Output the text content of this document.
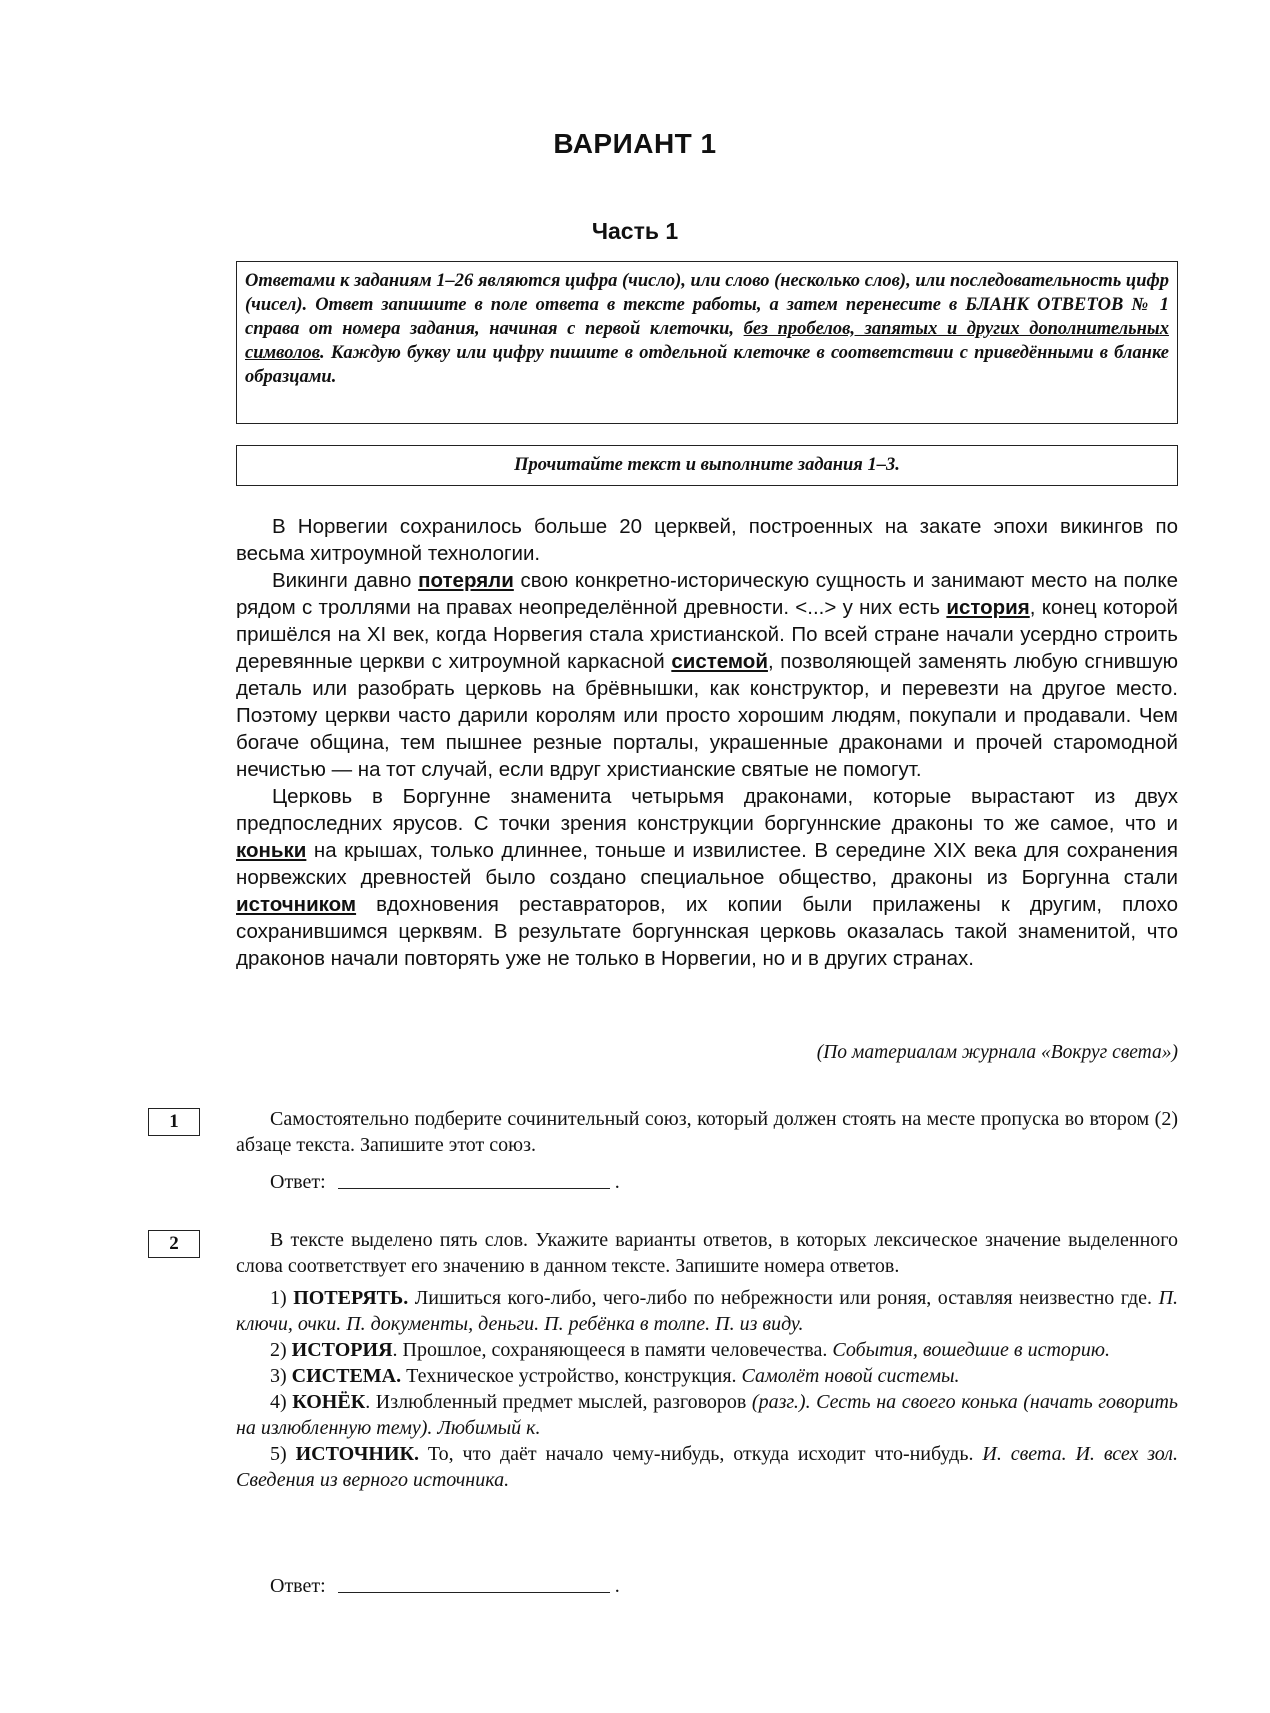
ВАРИАНТ 1
Часть 1

Ответами к заданиям 1–26 являются цифра (число), или слово (несколько слов), или последовательность цифр (чисел). Ответ запишите в поле ответа в тексте работы, а затем перенесите в БЛАНК ОТВЕТОВ № 1 справа от номера задания, начиная с первой клеточки, без пробелов, запятых и других дополнительных символов. Каждую букву или цифру пишите в отдельной клеточке в соответствии с приведёнными в бланке образцами.

Прочитайте текст и выполните задания 1–3.

В Норвегии сохранилось больше 20 церквей, построенных на закате эпохи викингов по весьма хитроумной технологии.

Викинги давно потеряли свою конкретно-историческую сущность и занимают место на полке рядом с троллями на правах неопределённой древности. <...> у них есть история, конец которой пришёлся на XI век, когда Норвегия стала христианской. По всей стране начали усердно строить деревянные церкви с хитроумной каркасной системой, позволяющей заменять любую сгнившую деталь или разобрать церковь на брёвнышки, как конструктор, и перевезти на другое место. Поэтому церкви часто дарили королям или просто хорошим людям, покупали и продавали. Чем богаче община, тем пышнее резные порталы, украшенные драконами и прочей старомодной нечистью — на тот случай, если вдруг христианские святые не помогут.

Церковь в Боргунне знаменита четырьмя драконами, которые вырастают из двух предпоследних ярусов. С точки зрения конструкции боргуннские драконы то же самое, что и коньки на крышах, только длиннее, тоньше и извилистее. В середине XIX века для сохранения норвежских древностей было создано специальное общество, драконы из Боргунна стали источником вдохновения реставраторов, их копии были прилажены к другим, плохо сохранившимся церквям. В результате боргуннская церковь оказалась такой знаменитой, что драконов начали повторять уже не только в Норвегии, но и в других странах.

(По материалам журнала «Вокруг света»)
1	Самостоятельно подберите сочинительный союз, который должен стоять на месте пропуска во втором (2) абзаце текста. Запишите этот союз.

Ответ:	.
2	В тексте выделено пять слов. Укажите варианты ответов, в которых лексическое значение выделенного слова соответствует его значению в данном тексте. Запишите номера ответов.

1) ПОТЕРЯТЬ. Лишиться кого-либо, чего-либо по небрежности или роняя, оставляя неизвестно где. П. ключи, очки. П. документы, деньги. П. ребёнка в толпе. П. из виду.

2) ИСТОРИЯ. Прошлое, сохраняющееся в памяти человечества. События, вошедшие в историю.

3) СИСТЕМА. Техническое устройство, конструкция. Самолёт новой системы.

4) КОНЁК. Излюбленный предмет мыслей, разговоров (разг.). Сесть на своего конька (начать говорить на излюбленную тему). Любимый к.

5) ИСТОЧНИК. То, что даёт начало чему-нибудь, откуда исходит что-нибудь. И. света. И. всех зол. Сведения из верного источника.

Ответ:	.
